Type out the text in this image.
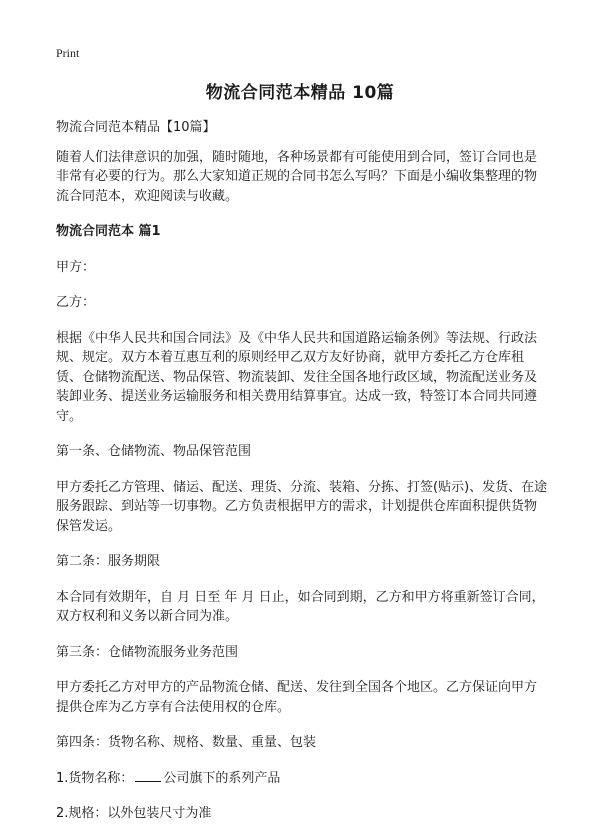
Print
物流合同范本精品 10篇

物流合同范本精品【10篇】

随着人们法律意识的加强，随时随地，各种场景都有可能使用到合同，签订合同也是非常有必要的行为。那么大家知道正规的合同书怎么写吗？下面是小编收集整理的物流合同范本，欢迎阅读与收藏。

物流合同范本 篇1

甲方：

乙方：

根据《中华人民共和国合同法》及《中华人民共和国道路运输条例》等法规、行政法规、规定。双方本着互惠互利的原则经甲乙双方友好协商，就甲方委托乙方仓库租赁、仓储物流配送、物品保管、物流装卸、发往全国各地行政区域，物流配送业务及装卸业务、提送业务运输服务和相关费用结算事宜。达成一致，特签订本合同共同遵守。

第一条、仓储物流、物品保管范围

甲方委托乙方管理、储运、配送、理货、分流、装箱、分拣、打签(贴示)、发货、在途服务跟踪、到站等一切事物。乙方负责根据甲方的需求，计划提供仓库面积提供货物保管发运。

第二条：服务期限

本合同有效期年，自 月 日至 年 月 日止，如合同到期，乙方和甲方将重新签订合同，双方权利和义务以新合同为准。

第三条：仓储物流服务业务范围

甲方委托乙方对甲方的产品物流仓储、配送、发往到全国各个地区。乙方保证向甲方提供仓库为乙方享有合法使用权的仓库。

第四条：货物名称、规格、数量、重量、包装

1.货物名称： 公司旗下的系列产品

2.规格：以外包装尺寸为准
